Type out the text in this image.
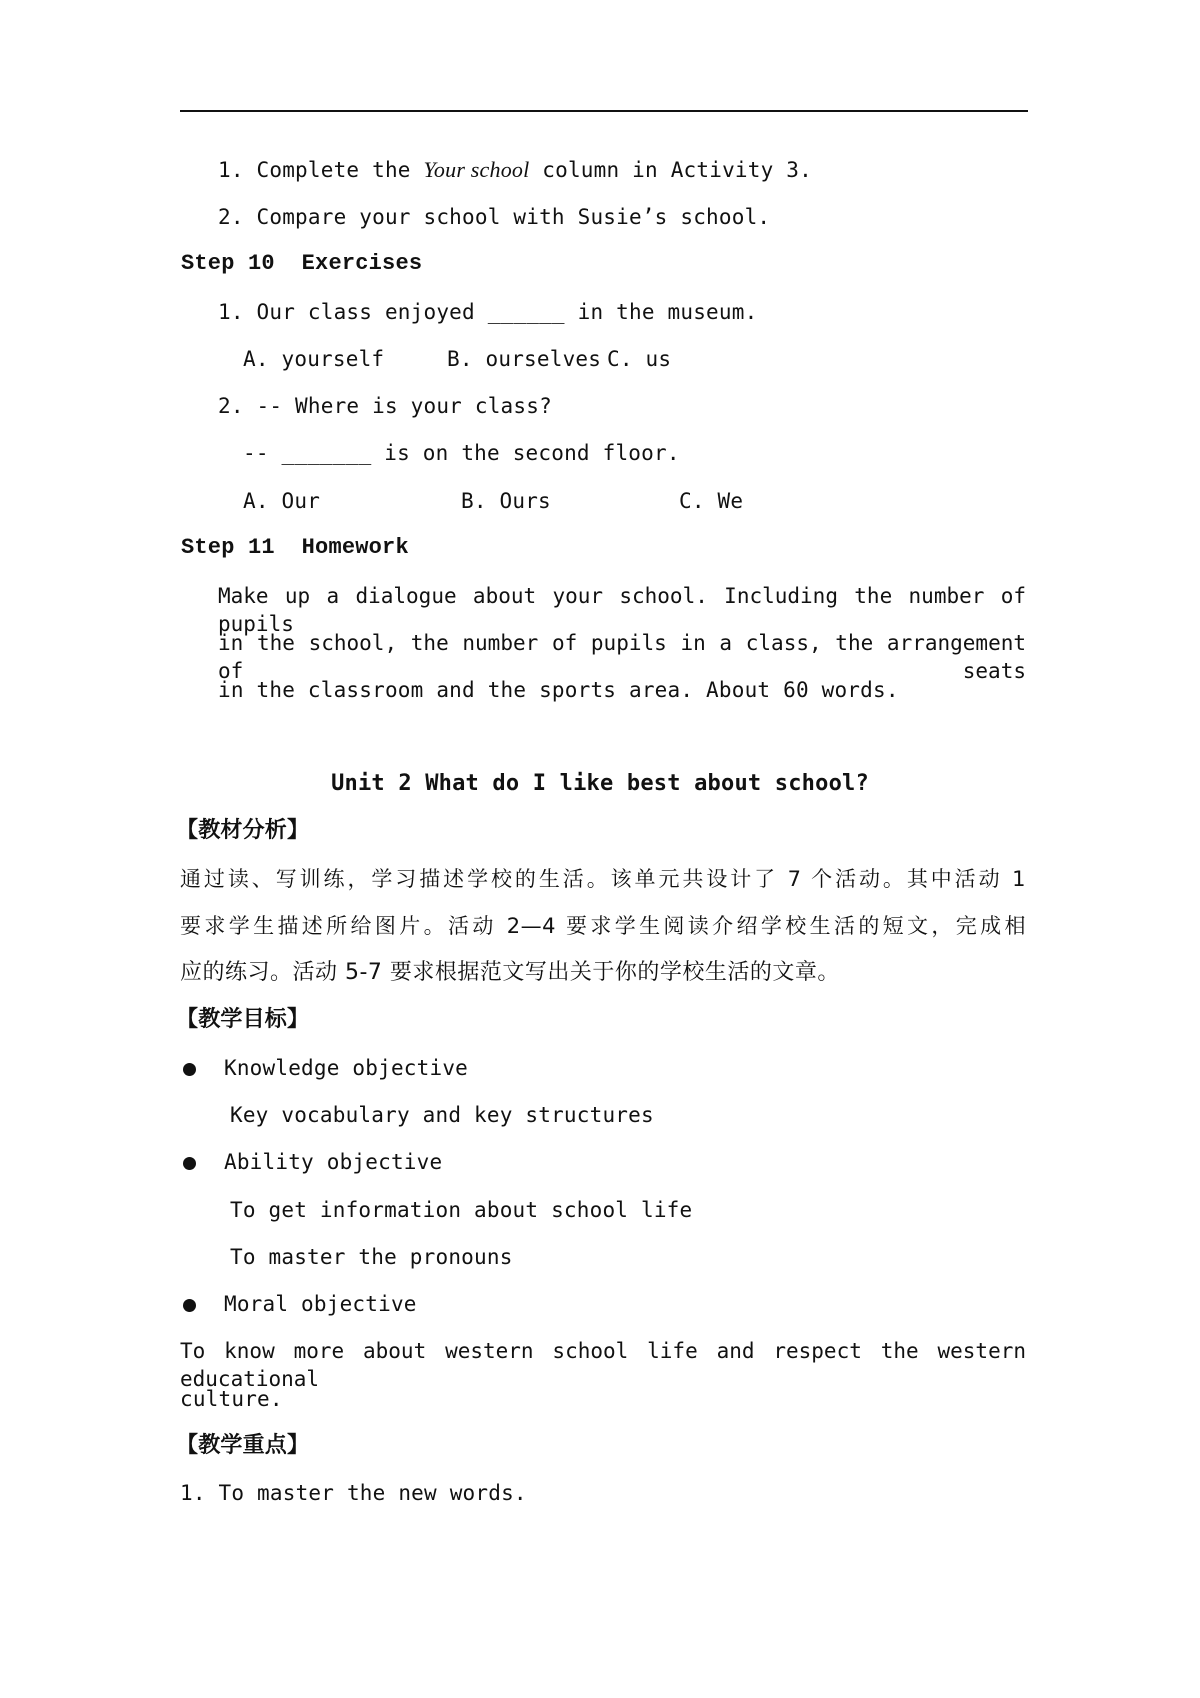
1. Complete the Your school column in Activity 3.
2. Compare your school with Susie’s school.
Step 10 Exercises
1. Our class enjoyed ______ in the museum.
A. yourself	B. ourselves C. us
2. -- Where is your class?
-- _______ is on the second floor.
A. Our	B. Ours	C. We
Step 11 Homework
Make up a dialogue about your school. Including the number of pupils
in the school, the number of pupils in a class, the arrangement of seats
in the classroom and the sports area. About 60 words.
Unit 2 What do I like best about school?
【教材分析】
通过读、写训练，学习描述学校的生活。该单元共设计了 7 个活动。其中活动 1
要求学生描述所给图片。活动 2—4 要求学生阅读介绍学校生活的短文，完成相
应的练习。活动 5-7 要求根据范文写出关于你的学校生活的文章。
【教学目标】
Knowledge objective
Key vocabulary and key structures
Ability objective
To get information about school life
To master the pronouns
Moral objective
To know more about western school life and respect the western educational
culture.
【教学重点】
1. To master the new words.
